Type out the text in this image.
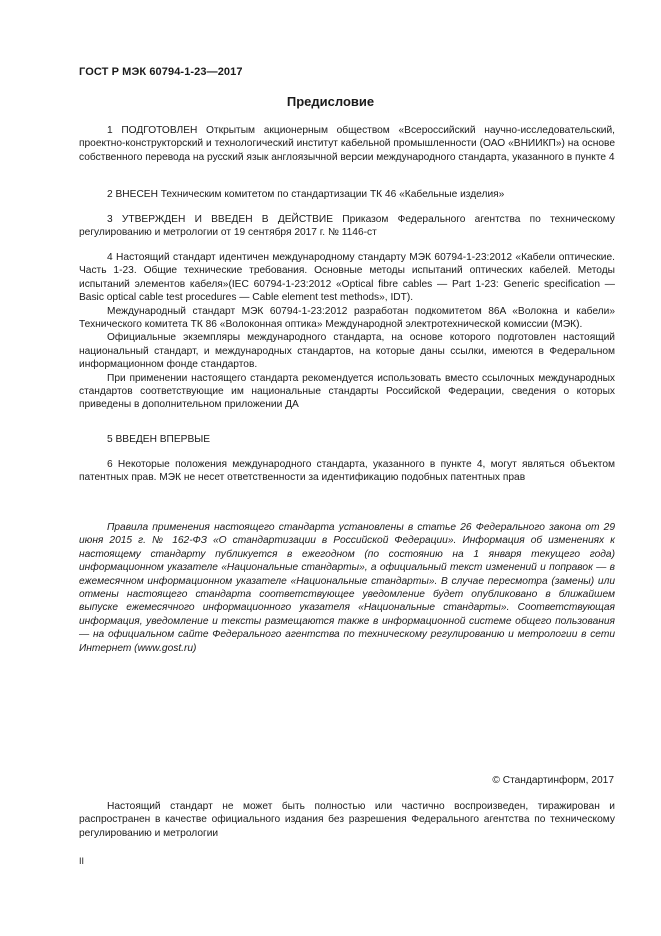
ГОСТ Р МЭК 60794-1-23—2017
Предисловие
1 ПОДГОТОВЛЕН Открытым акционерным обществом «Всероссийский научно-исследовательский, проектно-конструкторский и технологический институт кабельной промышленности (ОАО «ВНИИКП») на основе собственного перевода на русский язык англоязычной версии международного стандарта, указанного в пункте 4
2 ВНЕСЕН Техническим комитетом по стандартизации ТК 46 «Кабельные изделия»
3 УТВЕРЖДЕН И ВВЕДЕН В ДЕЙСТВИЕ Приказом Федерального агентства по техническому регулированию и метрологии от 19 сентября 2017 г. № 1146-ст

4 Настоящий стандарт идентичен международному стандарту МЭК 60794-1-23:2012 «Кабели оптические. Часть 1-23. Общие технические требования. Основные методы испытаний оптических кабелей. Методы испытаний элементов кабеля»(IEC 60794-1-23:2012 «Optical fibre cables — Part 1-23: Generic specification — Basic optical cable test procedures — Cable element test methods», IDT).

Международный стандарт МЭК 60794-1-23:2012 разработан подкомитетом 86A «Волокна и кабели» Технического комитета ТК 86 «Волоконная оптика» Международной электротехнической комиссии (МЭК).

Официальные экземпляры международного стандарта, на основе которого подготовлен настоящий национальный стандарт, и международных стандартов, на которые даны ссылки, имеются в Федеральном информационном фонде стандартов.

При применении настоящего стандарта рекомендуется использовать вместо ссылочных международных стандартов соответствующие им национальные стандарты Российской Федерации, сведения о которых приведены в дополнительном приложении ДА

5 ВВЕДЕН ВПЕРВЫЕ
6 Некоторые положения международного стандарта, указанного в пункте 4, могут являться объектом патентных прав. МЭК не несет ответственности за идентификацию подобных патентных прав
Правила применения настоящего стандарта установлены в статье 26 Федерального закона от 29 июня 2015 г. № 162-ФЗ «О стандартизации в Российской Федерации». Информация об изменениях к настоящему стандарту публикуется в ежегодном (по состоянию на 1 января текущего года) информационном указателе «Национальные стандарты», а официальный текст изменений и поправок — в ежемесячном информационном указателе «Национальные стандарты». В случае пересмотра (замены) или отмены настоящего стандарта соответствующее уведомление будет опубликовано в ближайшем выпуске ежемесячного информационного указателя «Национальные стандарты». Соответствующая информация, уведомление и тексты размещаются также в информационной системе общего пользования — на официальном сайте Федерального агентства по техническому регулированию и метрологии в сети Интернет (www.gost.ru)
© Стандартинформ, 2017
Настоящий стандарт не может быть полностью или частично воспроизведен, тиражирован и распространен в качестве официального издания без разрешения Федерального агентства по техническому регулированию и метрологии
II
